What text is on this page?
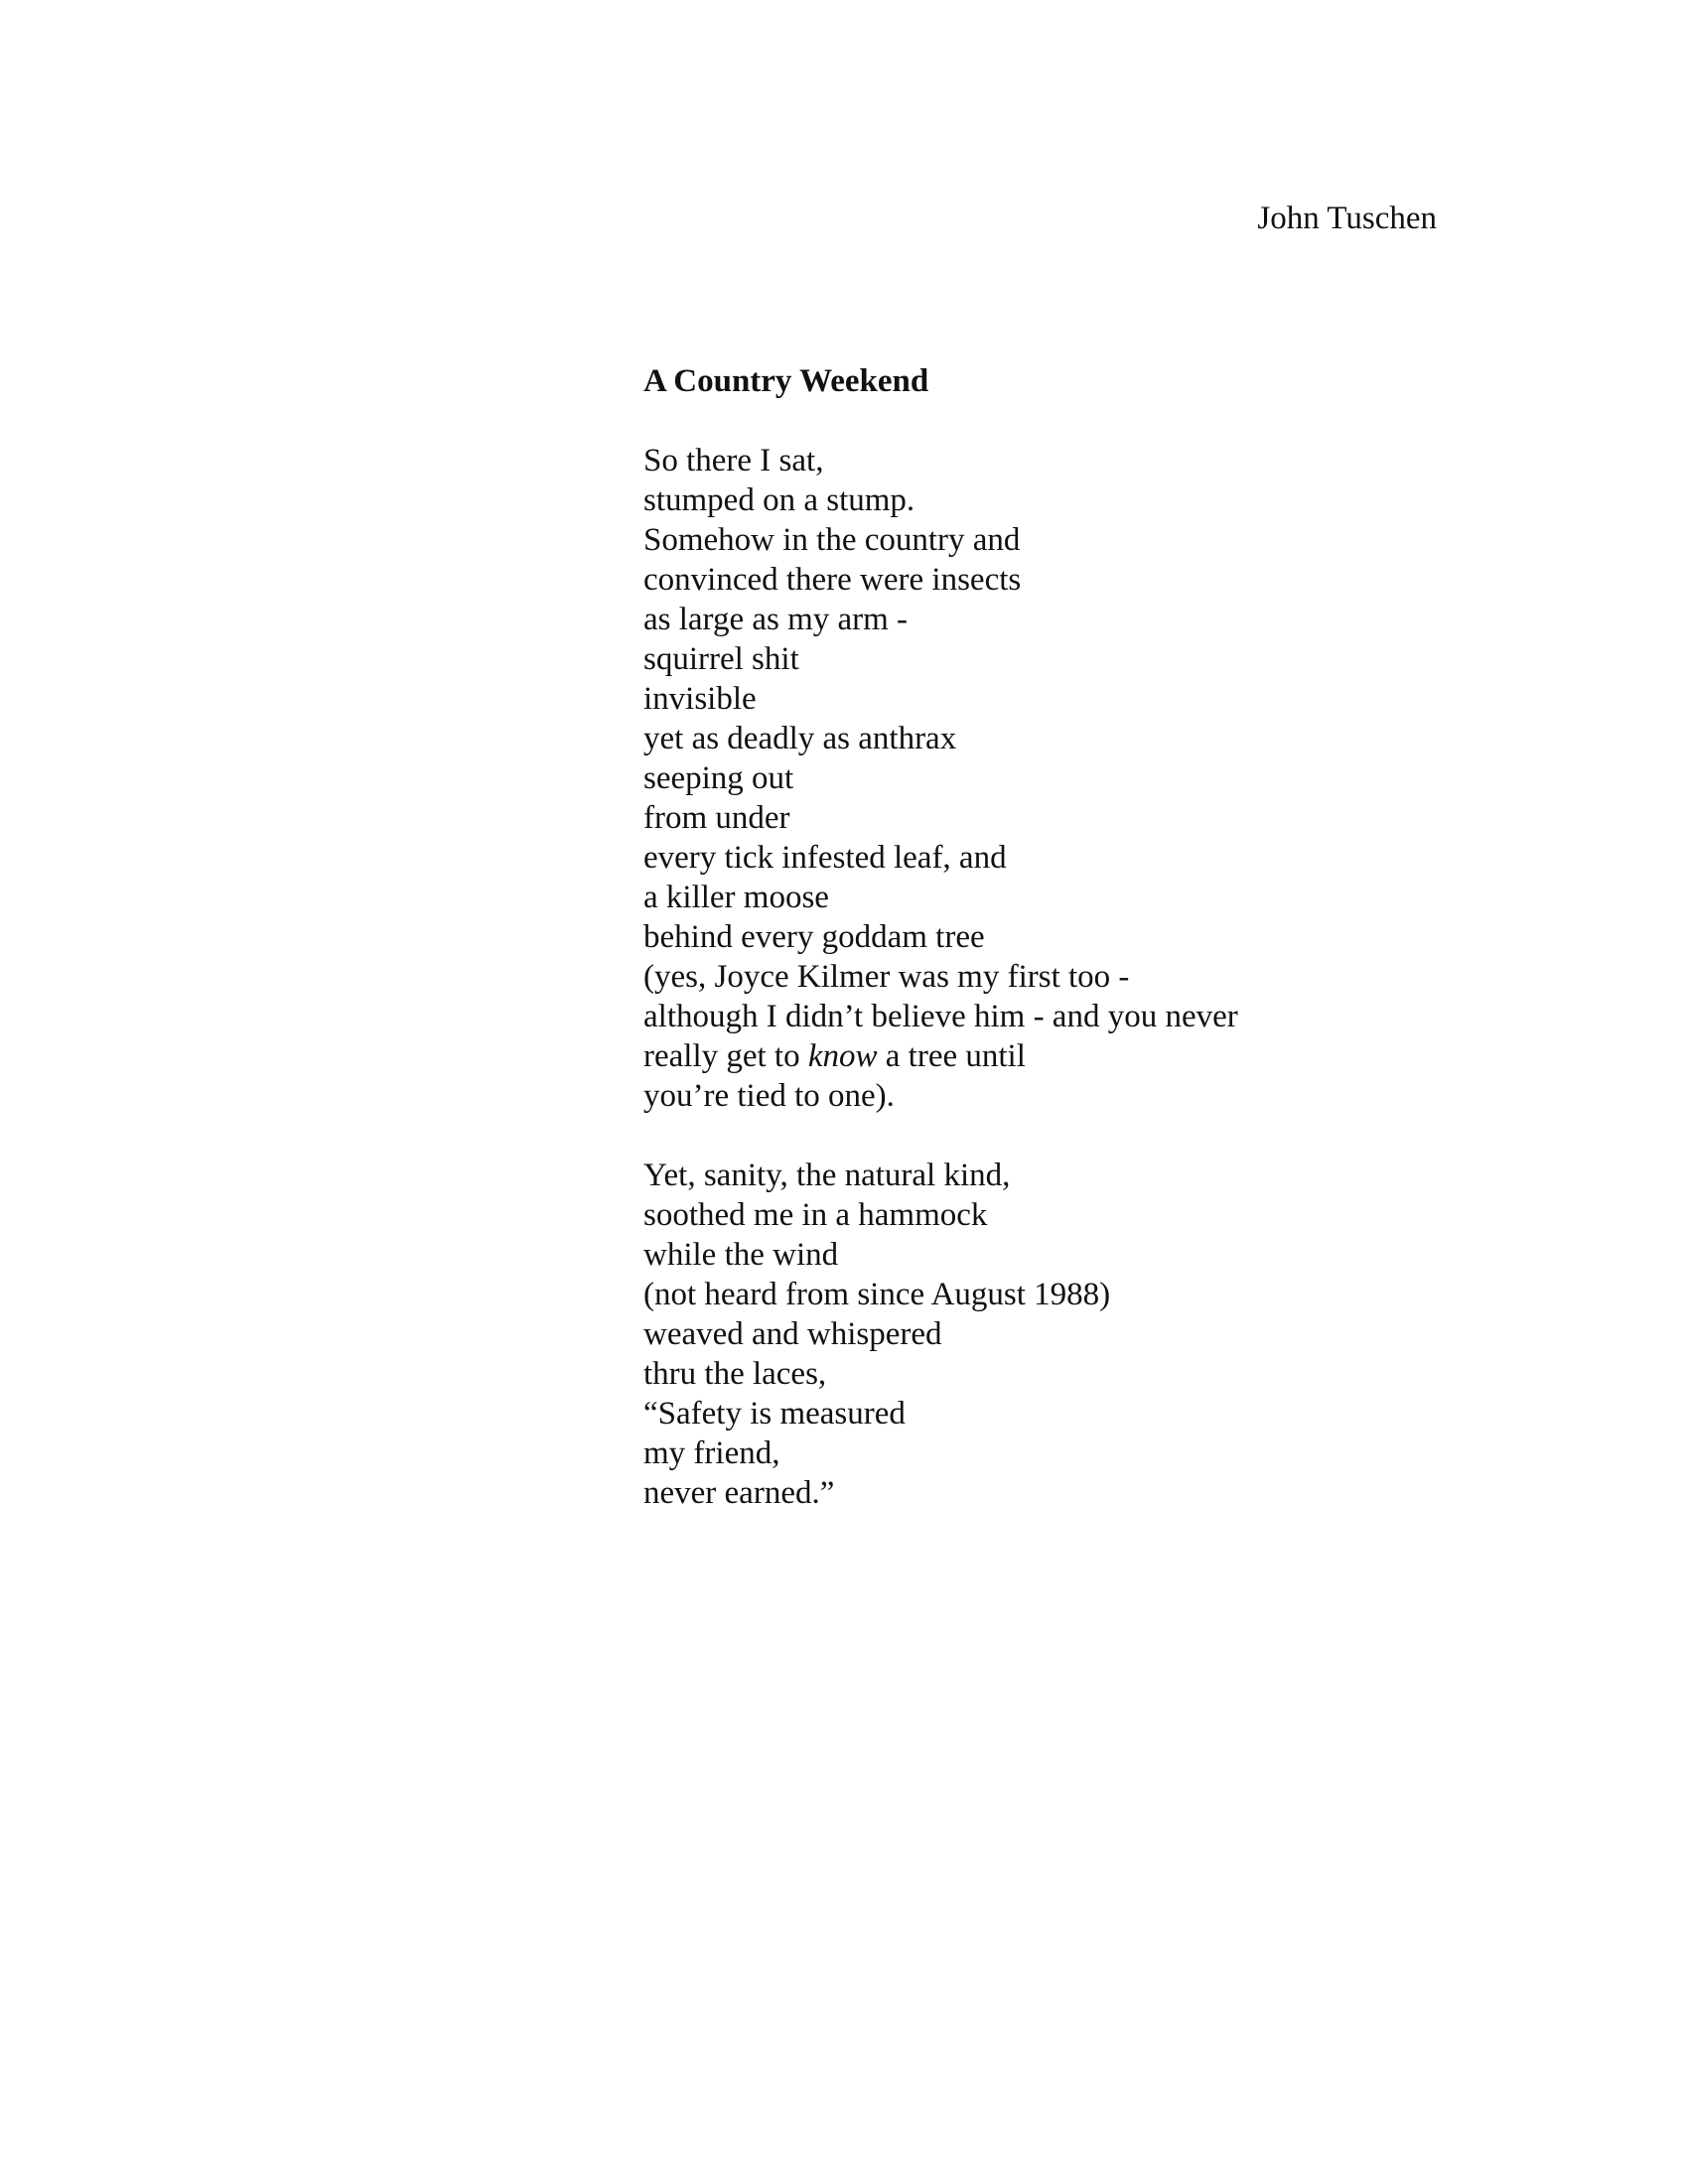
John Tuschen
A Country Weekend
So there I sat,
stumped on a stump.
Somehow in the country and
convinced there were insects
as large as my arm -
squirrel shit
invisible
yet as deadly as anthrax
seeping out
from under
every tick infested leaf, and
a killer moose
behind every goddam tree
(yes, Joyce Kilmer was my first too -
although I didn’t believe him - and you never
really get to know a tree until
you’re tied to one).
Yet, sanity, the natural kind,
soothed me in a hammock
while the wind
(not heard from since August 1988)
weaved and whispered
thru the laces,
“Safety is measured
my friend,
never earned.”
